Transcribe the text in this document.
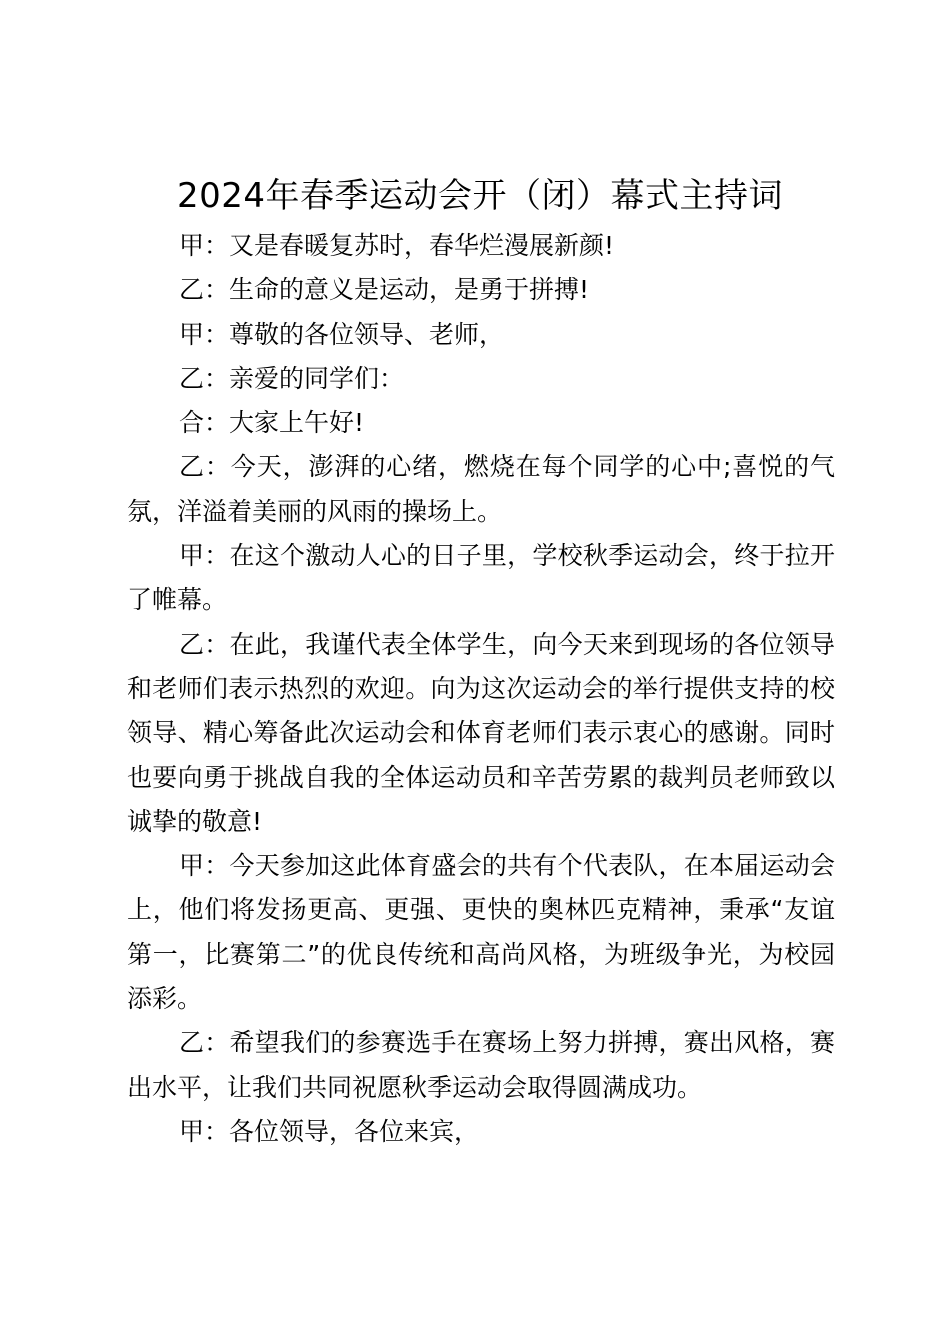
2024年春季运动会开（闭）幕式主持词

甲：又是春暖复苏时，春华烂漫展新颜!

乙：生命的意义是运动，是勇于拼搏!

甲：尊敬的各位领导、老师，

乙：亲爱的同学们：

合：大家上午好!

乙：今天，澎湃的心绪，燃烧在每个同学的心中;喜悦的气氛，洋溢着美丽的风雨的操场上。

甲：在这个激动人心的日子里，学校秋季运动会，终于拉开了帷幕。

乙：在此，我谨代表全体学生，向今天来到现场的各位领导和老师们表示热烈的欢迎。向为这次运动会的举行提供支持的校领导、精心筹备此次运动会和体育老师们表示衷心的感谢。同时也要向勇于挑战自我的全体运动员和辛苦劳累的裁判员老师致以诚挚的敬意!

甲：今天参加这此体育盛会的共有个代表队，在本届运动会上，他们将发扬更高、更强、更快的奥林匹克精神，秉承“友谊第一，比赛第二”的优良传统和高尚风格，为班级争光，为校园添彩。

乙：希望我们的参赛选手在赛场上努力拼搏，赛出风格，赛出水平，让我们共同祝愿秋季运动会取得圆满成功。

甲：各位领导，各位来宾，
